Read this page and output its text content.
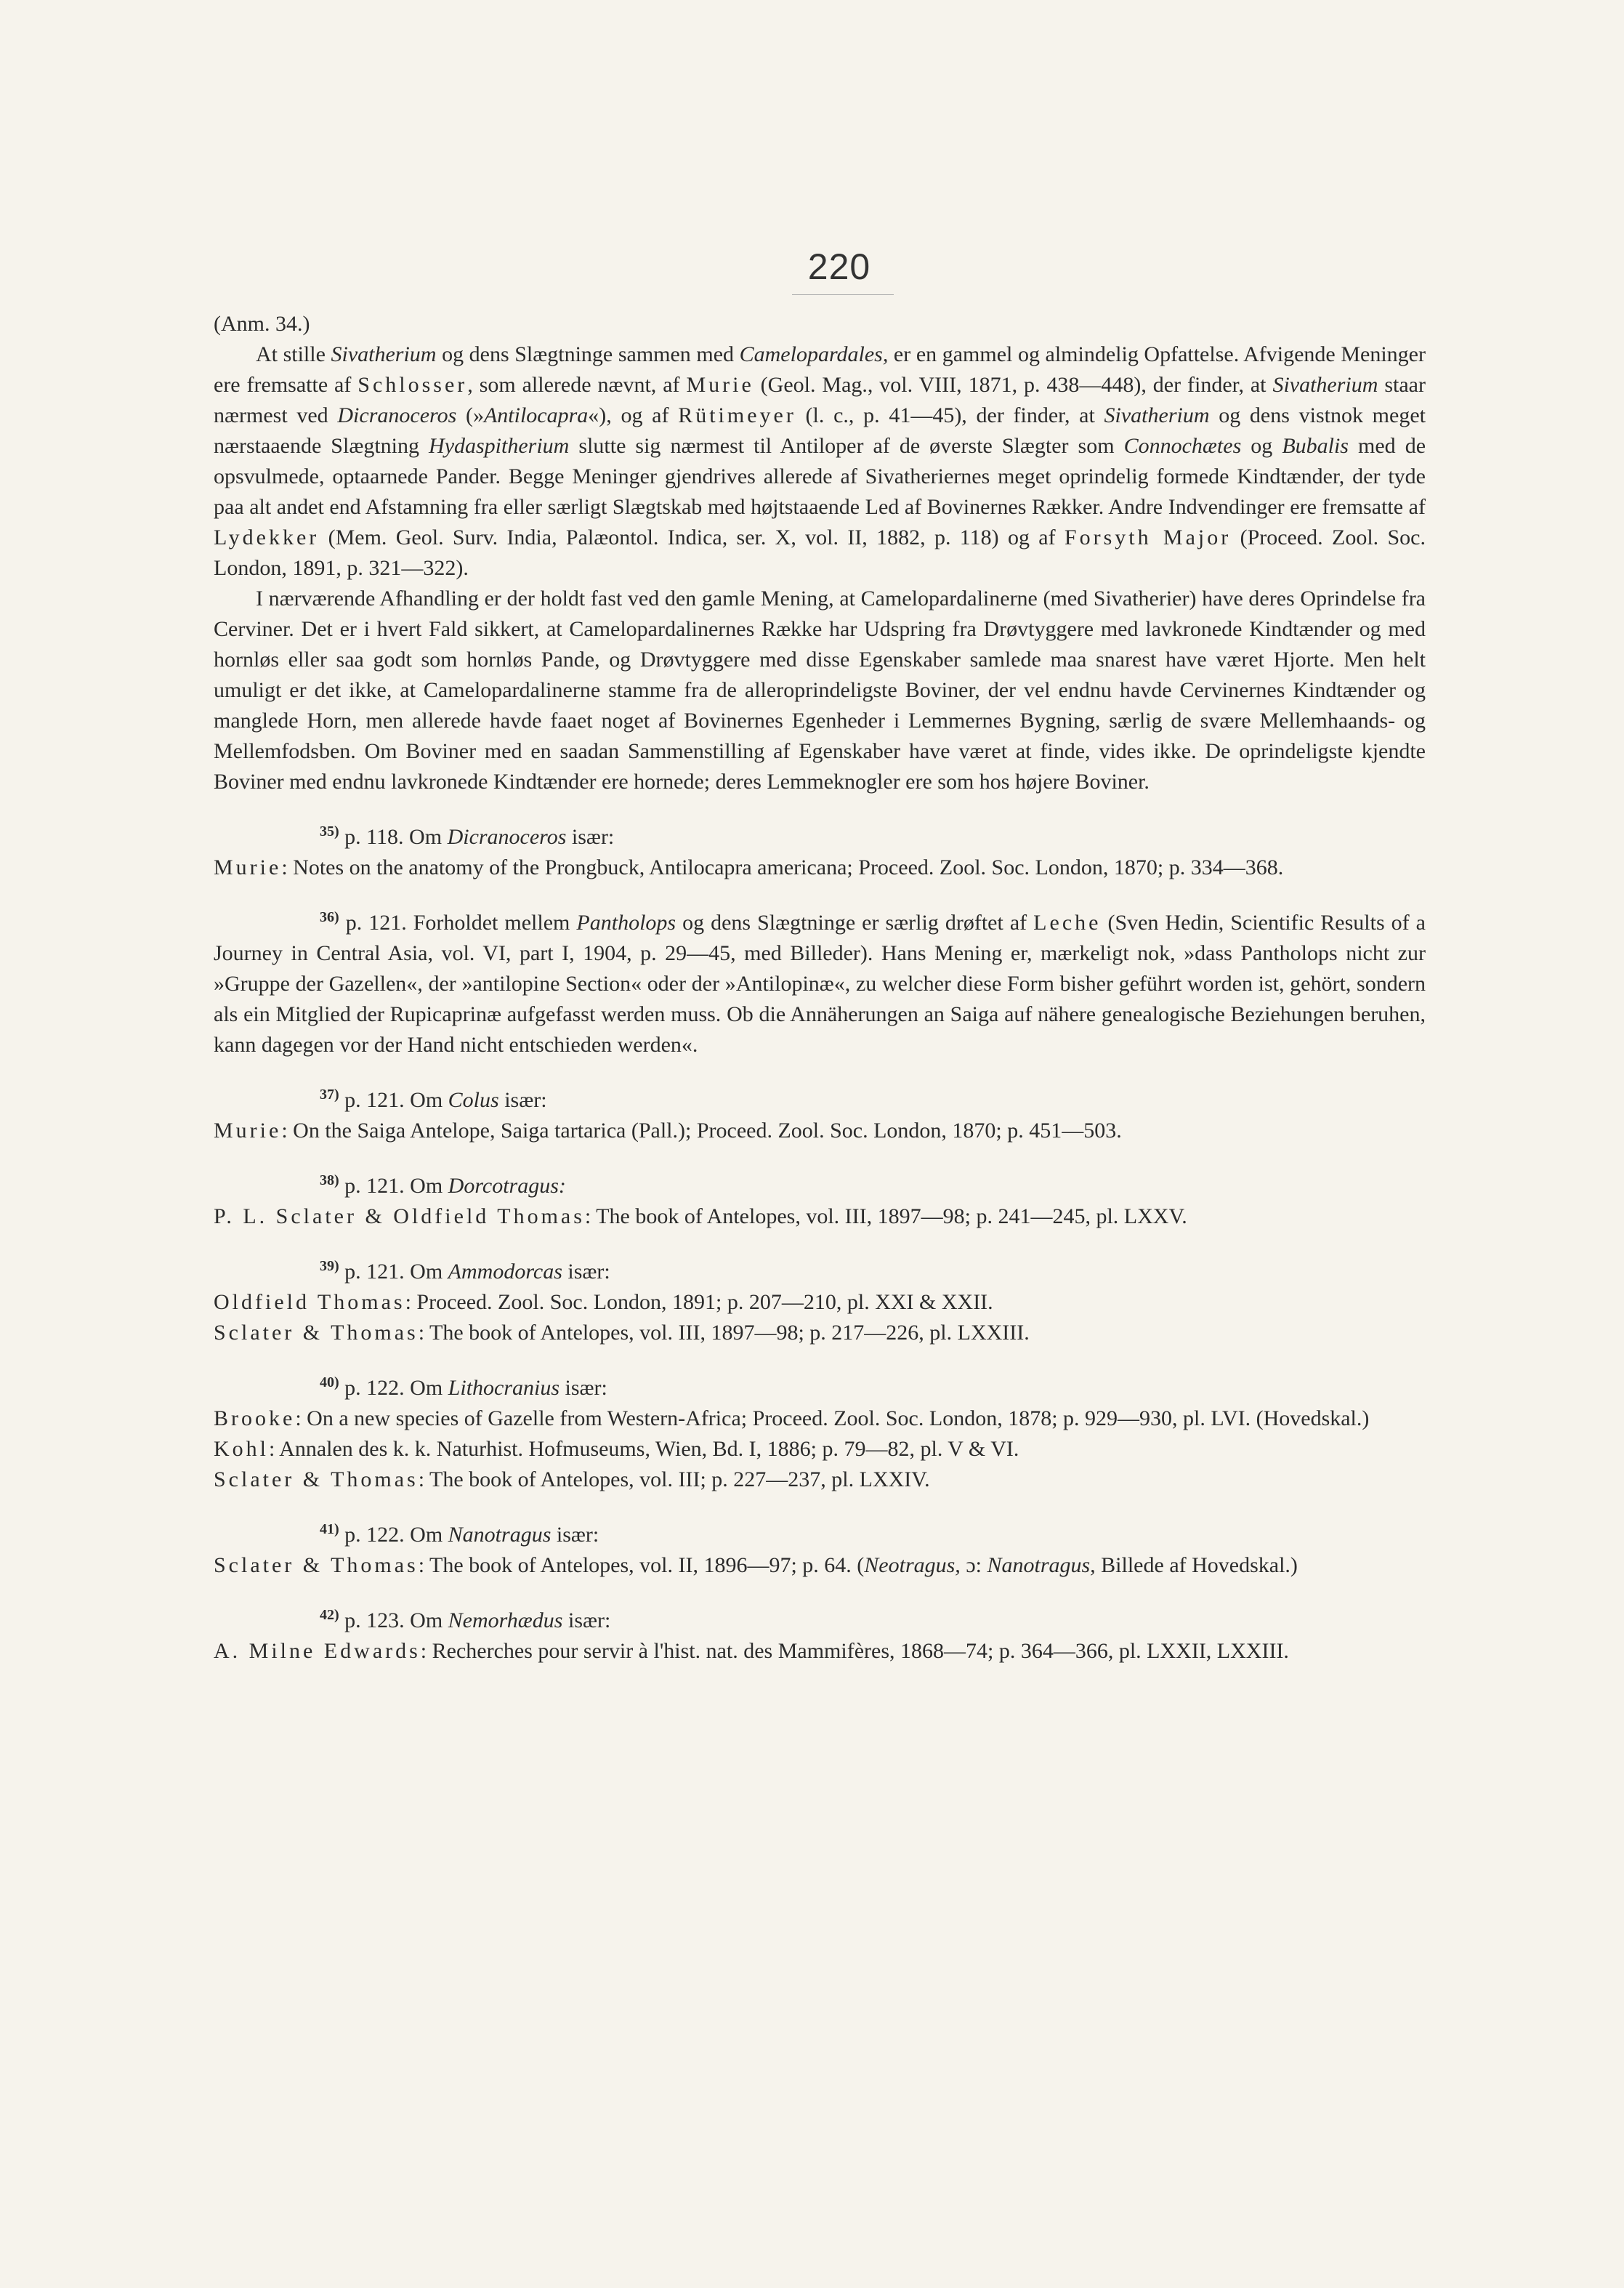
220

(Anm. 34.)

At stille Sivatherium og dens Slægtninge sammen med Camelopardales, er en gammel og almindelig Opfattelse. Afvigende Meninger ere fremsatte af Schlosser, som allerede nævnt, af Murie (Geol. Mag., vol. VIII, 1871, p. 438—448), der finder, at Sivatherium staar nærmest ved Dicranoceros (»Antilocapra«), og af Rütimeyer (l. c., p. 41—45), der finder, at Sivatherium og dens vistnok meget nærstaaende Slægtning Hydaspitherium slutte sig nærmest til Antiloper af de øverste Slægter som Connochætes og Bubalis med de opsvulmede, optaarnede Pander. Begge Meninger gjendrives allerede af Sivatheriernes meget oprindelig formede Kindtænder, der tyde paa alt andet end Afstamning fra eller særligt Slægtskab med højtstaaende Led af Bovinernes Rækker. Andre Indvendinger ere fremsatte af Lydekker (Mem. Geol. Surv. India, Palæontol. Indica, ser. X, vol. II, 1882, p. 118) og af Forsyth Major (Proceed. Zool. Soc. London, 1891, p. 321—322).

I nærværende Afhandling er der holdt fast ved den gamle Mening, at Camelopardalinerne (med Sivatherier) have deres Oprindelse fra Cerviner. Det er i hvert Fald sikkert, at Camelopardalinernes Række har Udspring fra Drøvtyggere med lavkronede Kindtænder og med hornløs eller saa godt som hornløs Pande, og Drøvtyggere med disse Egenskaber samlede maa snarest have været Hjorte. Men helt umuligt er det ikke, at Camelopardalinerne stamme fra de alleroprindeligste Boviner, der vel endnu havde Cervinernes Kindtænder og manglede Horn, men allerede havde faaet noget af Bovinernes Egenheder i Lemmernes Bygning, særlig de svære Mellemhaands- og Mellemfodsben. Om Boviner med en saadan Sammenstilling af Egenskaber have været at finde, vides ikke. De oprindeligste kjendte Boviner med endnu lavkronede Kindtænder ere hornede; deres Lemmeknogler ere som hos højere Boviner.

$^{35)}$ p. 118. Om Dicranoceros især:

Murie: Notes on the anatomy of the Prongbuck, Antilocapra americana; Proceed. Zool. Soc. London, 1870; p. 334—368.

$^{36)}$ p. 121. Forholdet mellem Pantholops og dens Slægtninge er særlig drøftet af Leche (Sven Hedin, Scientific Results of a Journey in Central Asia, vol. VI, part I, 1904, p. 29—45, med Billeder). Hans Mening er, mærkeligt nok, »dass Pantholops nicht zur »Gruppe der Gazellen«, der »antilopine Section« oder der »Antilopinæ«, zu welcher diese Form bisher geführt worden ist, gehört, sondern als ein Mitglied der Rupicaprinæ aufgefasst werden muss. Ob die Annäherungen an Saiga auf nähere genealogische Beziehungen beruhen, kann dagegen vor der Hand nicht entschieden werden«.

$^{37)}$ p. 121. Om Colus især:

Murie: On the Saiga Antelope, Saiga tartarica (Pall.); Proceed. Zool. Soc. London, 1870; p. 451—503.

$^{38)}$ p. 121. Om Dorcotragus:

P. L. Sclater & Oldfield Thomas: The book of Antelopes, vol. III, 1897—98; p. 241—245, pl. LXXV.

$^{39)}$ p. 121. Om Ammodorcas især:

Oldfield Thomas: Proceed. Zool. Soc. London, 1891; p. 207—210, pl. XXI & XXII.

Sclater & Thomas: The book of Antelopes, vol. III, 1897—98; p. 217—226, pl. LXXIII.

$^{40)}$ p. 122. Om Lithocranius især:

Brooke: On a new species of Gazelle from Western-Africa; Proceed. Zool. Soc. London, 1878; p. 929—930, pl. LVI. (Hovedskal.)

Kohl: Annalen des k. k. Naturhist. Hofmuseums, Wien, Bd. I, 1886; p. 79—82, pl. V & VI.

Sclater & Thomas: The book of Antelopes, vol. III; p. 227—237, pl. LXXIV.

$^{41)}$ p. 122. Om Nanotragus især:

Sclater & Thomas: The book of Antelopes, vol. II, 1896—97; p. 64. (Neotragus, ɔ: Nanotragus, Billede af Hovedskal.)

$^{42)}$ p. 123. Om Nemorhædus især:

A. Milne Edwards: Recherches pour servir à l'hist. nat. des Mammifères, 1868—74; p. 364—366, pl. LXXII, LXXIII.
